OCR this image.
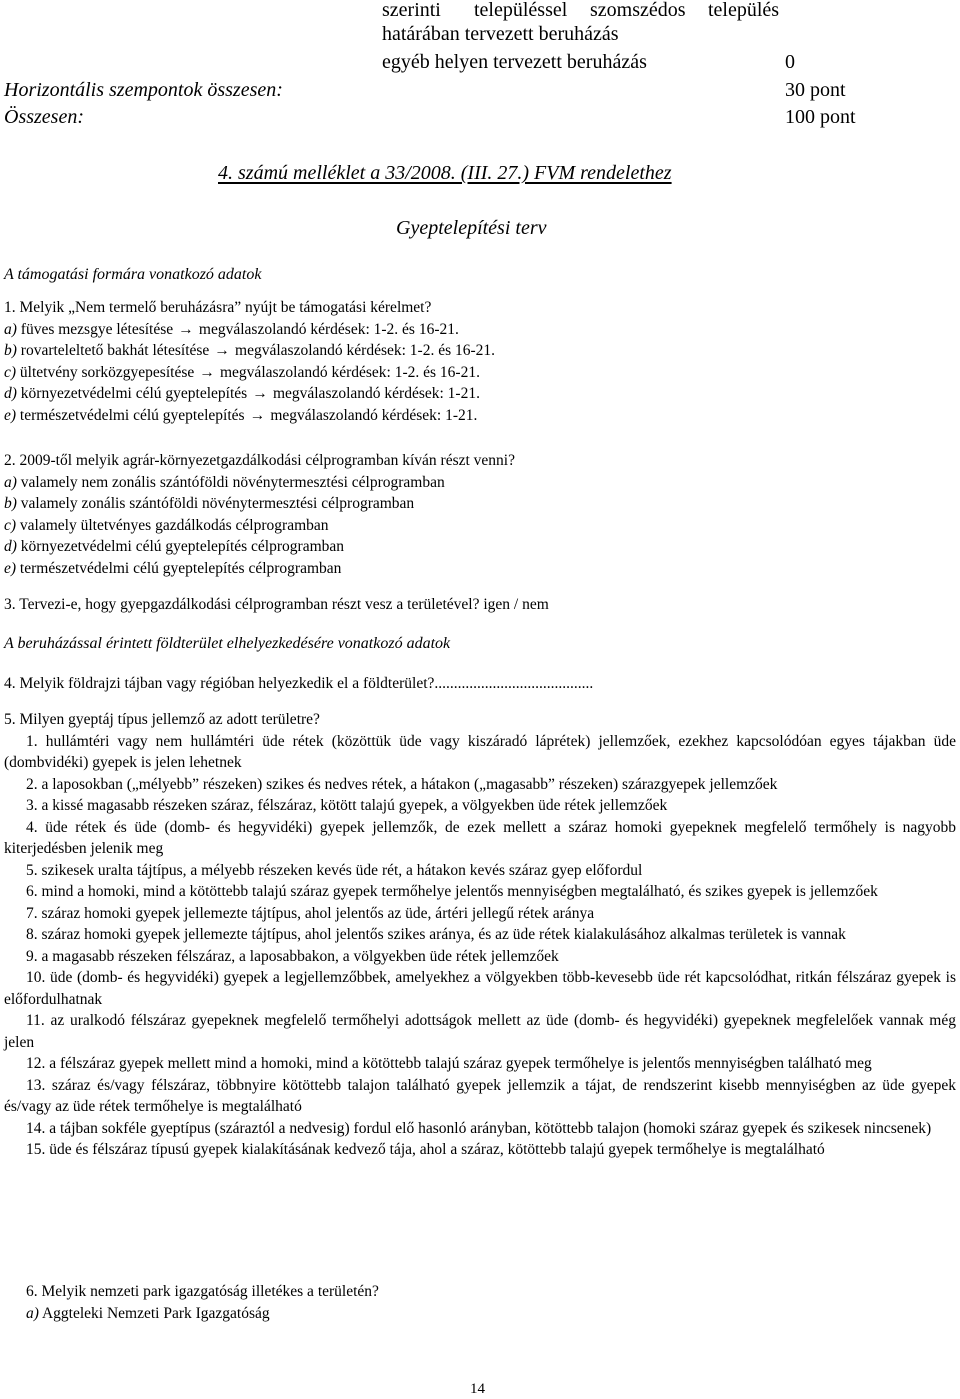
szerinti településsel szomszédos település
határában tervezett beruházás
egyéb helyen tervezett beruházás	0
Horizontális szempontok összesen:	30 pont
Összesen:	100 pont
4. számú melléklet a 33/2008. (III. 27.) FVM rendelethez
Gyeptelepítési terv
A támogatási formára vonatkozó adatok

1. Melyik „Nem termelő beruházásra” nyújt be támogatási kérelmet?

a) füves mezsgye létesítése → megválaszolandó kérdések: 1-2. és 16-21.

b) rovarteleltető bakhát létesítése → megválaszolandó kérdések: 1-2. és 16-21.

c) ültetvény sorközgyepesítése → megválaszolandó kérdések: 1-2. és 16-21.

d) környezetvédelmi célú gyeptelepítés → megválaszolandó kérdések: 1-21.

e) természetvédelmi célú gyeptelepítés → megválaszolandó kérdések: 1-21.

2. 2009-től melyik agrár-környezetgazdálkodási célprogramban kíván részt venni?

a) valamely nem zonális szántóföldi növénytermesztési célprogramban

b) valamely zonális szántóföldi növénytermesztési célprogramban

c) valamely ültetvényes gazdálkodás célprogramban

d) környezetvédelmi célú gyeptelepítés célprogramban

e) természetvédelmi célú gyeptelepítés célprogramban

3. Tervezi-e, hogy gyepgazdálkodási célprogramban részt vesz a területével? igen / nem

A beruházással érintett földterület elhelyezkedésére vonatkozó adatok

4. Melyik földrajzi tájban vagy régióban helyezkedik el a földterület?.........................................

5. Milyen gyeptáj típus jellemző az adott területre?

1. hullámtéri vagy nem hullámtéri üde rétek (közöttük üde vagy kiszáradó láprétek) jellemzőek, ezekhez kapcsolódóan egyes tájakban üde (dombvidéki) gyepek is jelen lehetnek

2. a laposokban („mélyebb” részeken) szikes és nedves rétek, a hátakon („magasabb” részeken) szárazgyepek jellemzőek

3. a kissé magasabb részeken száraz, félszáraz, kötött talajú gyepek, a völgyekben üde rétek jellemzőek

4. üde rétek és üde (domb- és hegyvidéki) gyepek jellemzők, de ezek mellett a száraz homoki gyepeknek megfelelő termőhely is nagyobb kiterjedésben jelenik meg

5. szikesek uralta tájtípus, a mélyebb részeken kevés üde rét, a hátakon kevés száraz gyep előfordul

6. mind a homoki, mind a kötöttebb talajú száraz gyepek termőhelye jelentős mennyiségben megtalálható, és szikes gyepek is jellemzőek

7. száraz homoki gyepek jellemezte tájtípus, ahol jelentős az üde, ártéri jellegű rétek aránya

8. száraz homoki gyepek jellemezte tájtípus, ahol jelentős szikes aránya, és az üde rétek kialakulásához alkalmas területek is vannak

9. a magasabb részeken félszáraz, a laposabbakon, a völgyekben üde rétek jellemzőek

10. üde (domb- és hegyvidéki) gyepek a legjellemzőbbek, amelyekhez a völgyekben több-kevesebb üde rét kapcsolódhat, ritkán félszáraz gyepek is előfordulhatnak

11. az uralkodó félszáraz gyepeknek megfelelő termőhelyi adottságok mellett az üde (domb- és hegyvidéki) gyepeknek megfelelőek vannak még jelen

12. a félszáraz gyepek mellett mind a homoki, mind a kötöttebb talajú száraz gyepek termőhelye is jelentős mennyiségben található meg

13. száraz és/vagy félszáraz, többnyire kötöttebb talajon található gyepek jellemzik a tájat, de rendszerint kisebb mennyiségben az üde gyepek és/vagy az üde rétek termőhelye is megtalálható

14. a tájban sokféle gyeptípus (száraztól a nedvesig) fordul elő hasonló arányban, kötöttebb talajon (homoki száraz gyepek és szikesek nincsenek)

15. üde és félszáraz típusú gyepek kialakításának kedvező tája, ahol a száraz, kötöttebb talajú gyepek termőhelye is megtalálható

6. Melyik nemzeti park igazgatóság illetékes a területén?

a) Aggteleki Nemzeti Park Igazgatóság

14
